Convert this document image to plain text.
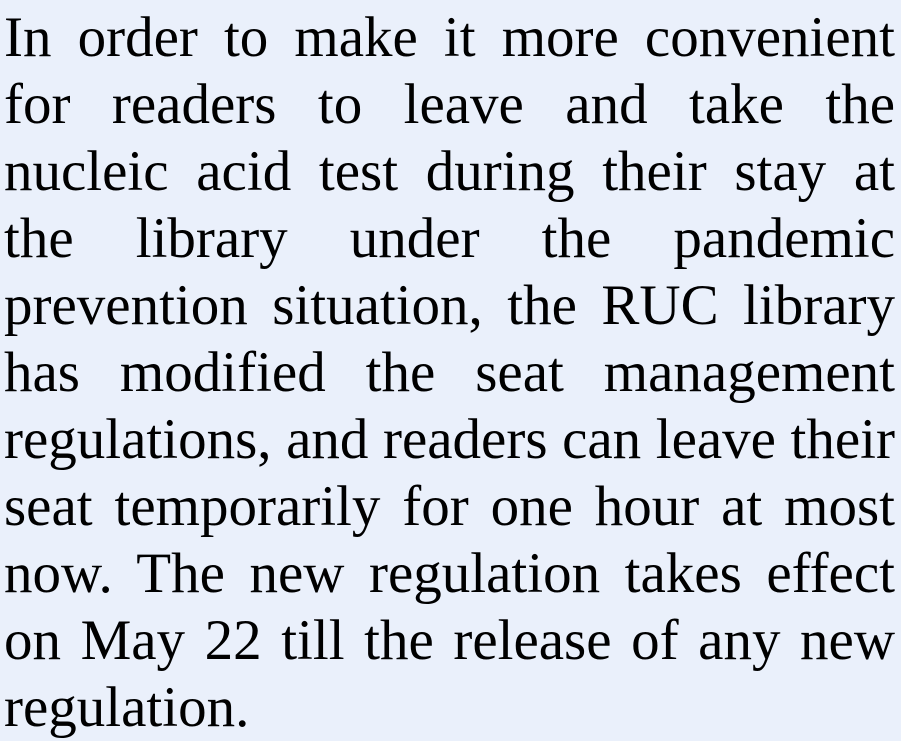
In order to make it more convenient for readers to leave and take the nucleic acid test during their stay at the library under the pandemic prevention situation, the RUC library has modified the seat management regulations, and readers can leave their seat temporarily for one hour at most now. The new regulation takes effect on May 22 till the release of any new regulation.
